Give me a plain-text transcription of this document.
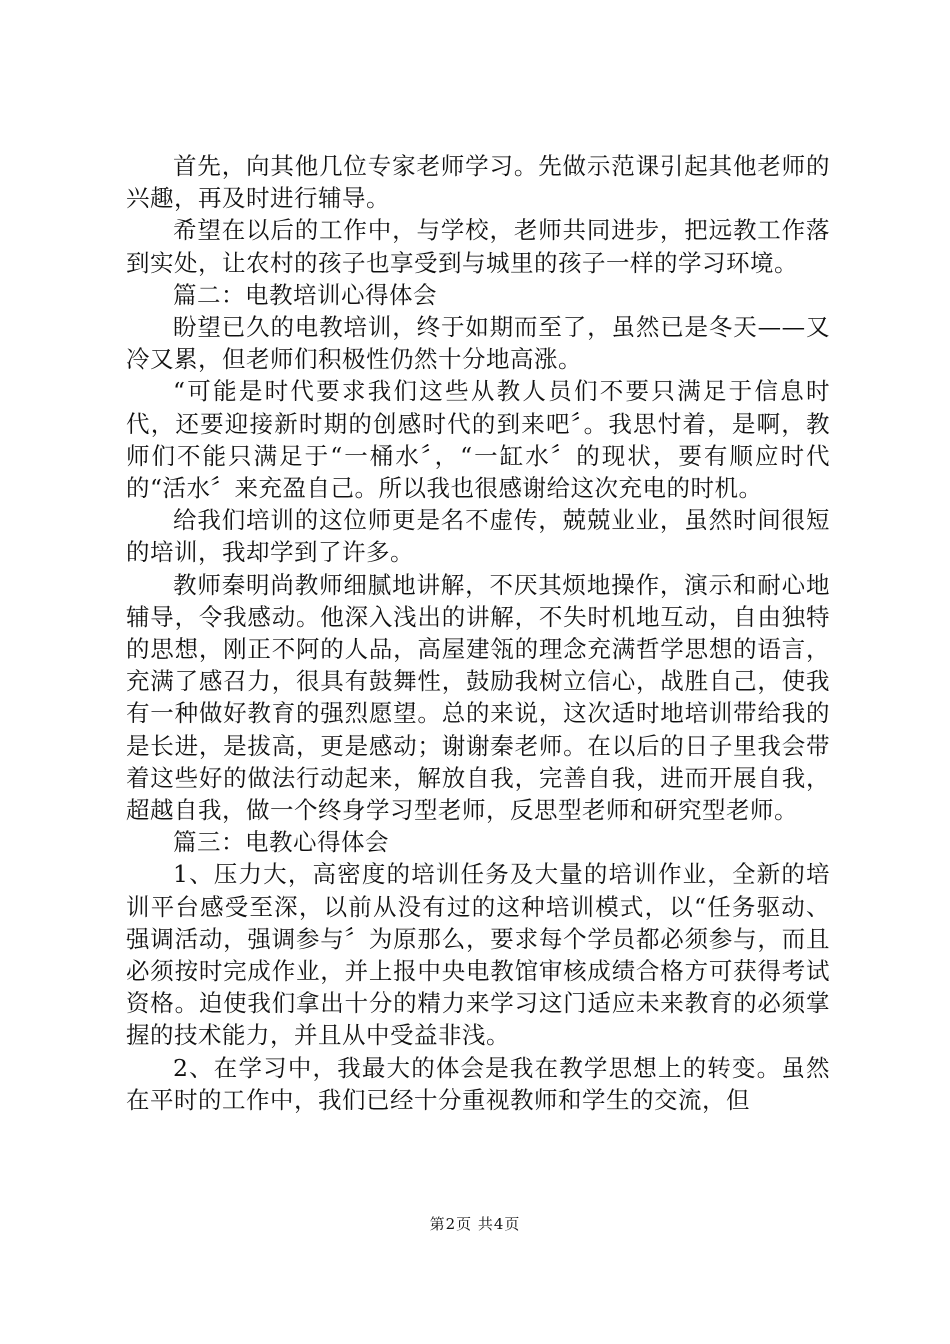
首先，向其他几位专家老师学习。先做示范课引起其他老师的兴趣，再及时进行辅导。

希望在以后的工作中，与学校，老师共同进步，把远教工作落到实处，让农村的孩子也享受到与城里的孩子一样的学习环境。

篇二：电教培训心得体会

盼望已久的电教培训，终于如期而至了，虽然已是冬天——又冷又累，但老师们积极性仍然十分地高涨。

“可能是时代要求我们这些从教人员们不要只满足于信息时代，还要迎接新时期的创感时代的到来吧〞。我思忖着，是啊，教师们不能只满足于“一桶水〞，“一缸水〞的现状，要有顺应时代的“活水〞来充盈自己。所以我也很感谢给这次充电的时机。

给我们培训的这位师更是名不虚传，兢兢业业，虽然时间很短的培训，我却学到了许多。

教师秦明尚教师细腻地讲解，不厌其烦地操作，演示和耐心地辅导，令我感动。他深入浅出的讲解，不失时机地互动，自由独特的思想，刚正不阿的人品，高屋建瓴的理念充满哲学思想的语言，充满了感召力，很具有鼓舞性，鼓励我树立信心，战胜自己，使我有一种做好教育的强烈愿望。总的来说，这次适时地培训带给我的是长进，是拔高，更是感动；谢谢秦老师。在以后的日子里我会带着这些好的做法行动起来，解放自我，完善自我，进而开展自我，超越自我，做一个终身学习型老师，反思型老师和研究型老师。

篇三：电教心得体会

1、压力大，高密度的培训任务及大量的培训作业，全新的培训平台感受至深，以前从没有过的这种培训模式，以“任务驱动、强调活动，强调参与〞为原那么，要求每个学员都必须参与，而且必须按时完成作业，并上报中央电教馆审核成绩合格方可获得考试资格。迫使我们拿出十分的精力来学习这门适应未来教育的必须掌握的技术能力，并且从中受益非浅。

2、在学习中，我最大的体会是我在教学思想上的转变。虽然在平时的工作中，我们已经十分重视教师和学生的交流，但

第2页 共4页
